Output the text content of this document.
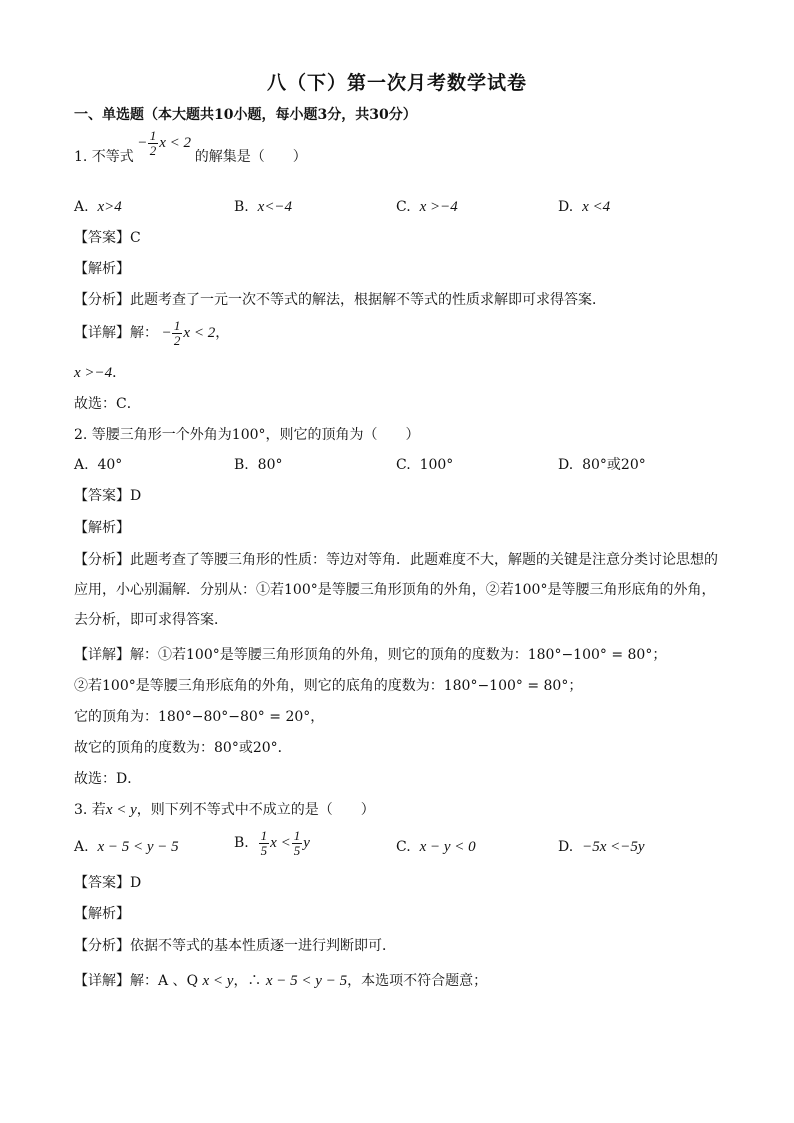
八（下）第一次月考数学试卷
一、单选题（本大题共10小题，每小题3分，共30分）
1. 不等式 − $\frac{1}{2}$ x < 2 的解集是（　　）
A. x>4	B. x<−4	C. x >−4	D. x <4
【答案】C
【解析】
【分析】此题考查了一元一次不等式的解法，根据解不等式的性质求解即可求得答案．
【详解】解： − $\frac{1}{2}$ x < 2，
x >−4．
故选：C．
2. 等腰三角形一个外角为100°，则它的顶角为（　　）
A. 40°	B. 80°	C. 100°	D. 80°或20°
【答案】D
【解析】
【分析】此题考查了等腰三角形的性质：等边对等角．此题难度不大，解题的关键是注意分类讨论思想的应用，小心别漏解．分别从：①若100°是等腰三角形顶角的外角，②若100°是等腰三角形底角的外角，去分析，即可求得答案．
【详解】解：①若100°是等腰三角形顶角的外角，则它的顶角的度数为：180°−100° = 80°；
②若100°是等腰三角形底角的外角，则它的底角的度数为：180°−100° = 80°；
它的顶角为：180°−80°−80° = 20°，
故它的顶角的度数为：80°或20°．
故选：D．
3. 若x < y，则下列不等式中不成立的是（　　）
A. x − 5 < y − 5	B. $\frac{1}{5}$ $x < \frac{1}{5}$ y	C. x − y < 0	D. −5x <−5y
【答案】D
【解析】
【分析】依据不等式的基本性质逐一进行判断即可．
【详解】解：A 、Q x < y，∴ x − 5 < y − 5，本选项不符合题意；
